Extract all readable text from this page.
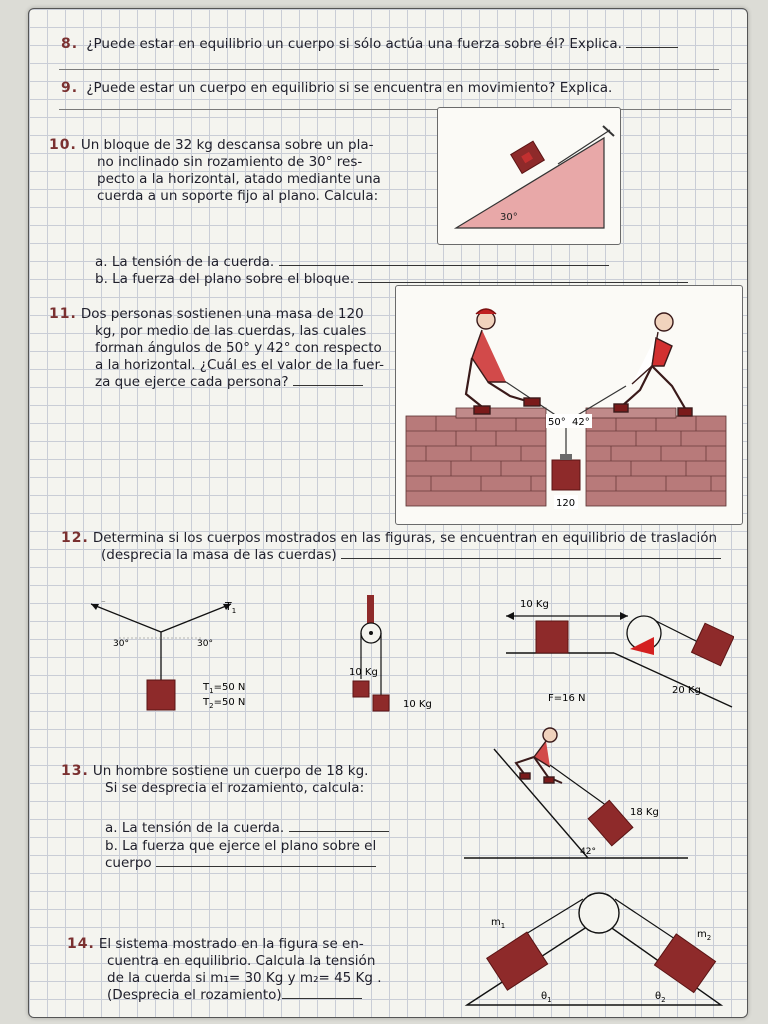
8. ¿Puede estar en equilibrio un cuerpo si sólo actúa una fuerza sobre él? Explica.
9. ¿Puede estar un cuerpo en equilibrio si se encuentra en movimiento? Explica.
10. Un bloque de 32 kg descansa sobre un pla-
no inclinado sin rozamiento de 30° res-
pecto a la horizontal, atado mediante una
cuerda a un soporte fijo al plano. Calcula:
a. La tensión de la cuerda.
b. La fuerza del plano sobre el bloque.
30°
11. Dos personas sostienen una masa de 120
kg, por medio de las cuerdas, las cuales
forman ángulos de 50° y 42° con respecto
a la horizontal. ¿Cuál es el valor de la fuer-
za que ejerce cada persona?
50° 42°
120
12. Determina si los cuerpos mostrados en las figuras, se encuentran en equilibrio de traslación
(desprecia la masa de las cuerdas)
⁻	$T_1$
30°	30°
$T_1=50$ N
$T_2=50$ N
10 Kg
10 Kg
10 Kg
F=16 N
20 Kg
13. Un hombre sostiene un cuerpo de 18 kg.
Si se desprecia el rozamiento, calcula:
a. La tensión de la cuerda.
b. La fuerza que ejerce el plano sobre el
cuerpo
18 Kg
42°
14. El sistema mostrado en la figura se en-
cuentra en equilibrio. Calcula la tensión
de la cuerda si m₁= 30 Kg y m₂= 45 Kg .
(Desprecia el rozamiento)
$m_1$
$m_2$
$\theta_1$	$\theta_2$
